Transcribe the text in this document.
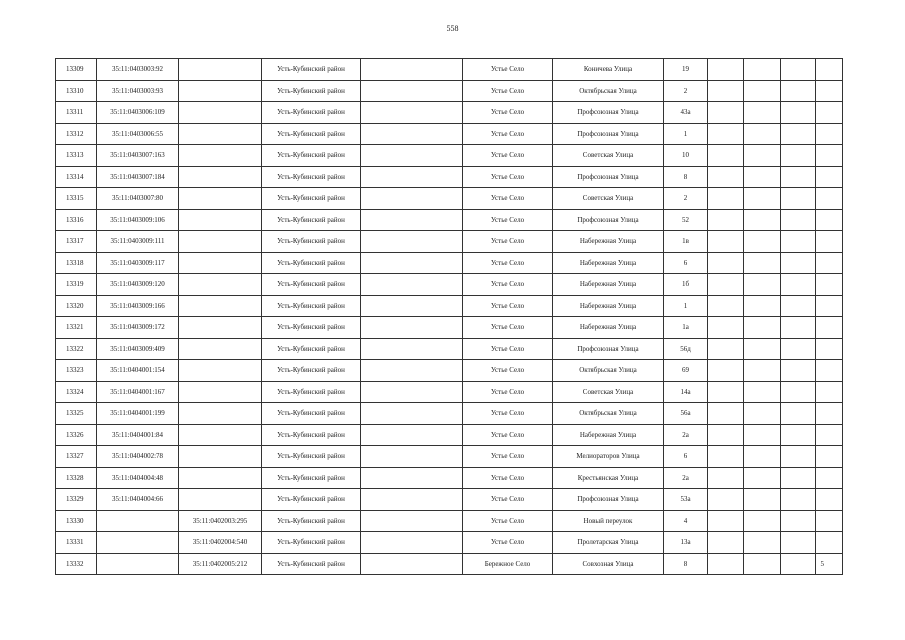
558
13309	35:11:0403003:92		Усть-Кубинский район		Устье Село	Коничева Улица	19				
13310	35:11:0403003:93		Усть-Кубинский район		Устье Село	Октябрьская Улица	2				
13311	35:11:0403006:109		Усть-Кубинский район		Устье Село	Профсоюзная Улица	43а				
13312	35:11:0403006:55		Усть-Кубинский район		Устье Село	Профсоюзная Улица	1				
13313	35:11:0403007:163		Усть-Кубинский район		Устье Село	Советская Улица	10				
13314	35:11:0403007:184		Усть-Кубинский район		Устье Село	Профсоюзная Улица	8				
13315	35:11:0403007:80		Усть-Кубинский район		Устье Село	Советская Улица	2				
13316	35:11:0403009:106		Усть-Кубинский район		Устье Село	Профсоюзная Улица	52				
13317	35:11:0403009:111		Усть-Кубинский район		Устье Село	Набережная Улица	1в				
13318	35:11:0403009:117		Усть-Кубинский район		Устье Село	Набережная Улица	6				
13319	35:11:0403009:120		Усть-Кубинский район		Устье Село	Набережная Улица	1б				
13320	35:11:0403009:166		Усть-Кубинский район		Устье Село	Набережная Улица	1				
13321	35:11:0403009:172		Усть-Кубинский район		Устье Село	Набережная Улица	1а				
13322	35:11:0403009:409		Усть-Кубинский район		Устье Село	Профсоюзная Улица	56д				
13323	35:11:0404001:154		Усть-Кубинский район		Устье Село	Октябрьская Улица	69				
13324	35:11:0404001:167		Усть-Кубинский район		Устье Село	Советская Улица	14а				
13325	35:11:0404001:199		Усть-Кубинский район		Устье Село	Октябрьская Улица	56а				
13326	35:11:0404001:84		Усть-Кубинский район		Устье Село	Набережная Улица	2а				
13327	35:11:0404002:78		Усть-Кубинский район		Устье Село	Мелиораторов Улица	6				
13328	35:11:0404004:48		Усть-Кубинский район		Устье Село	Крестьянская Улица	2а				
13329	35:11:0404004:66		Усть-Кубинский район		Устье Село	Профсоюзная Улица	53а				
13330		35:11:0402003:295	Усть-Кубинский район		Устье Село	Новый переулок	4				
13331		35:11:0402004:540	Усть-Кубинский район		Устье Село	Пролетарская Улица	13а				
13332		35:11:0402005:212	Усть-Кубинский район		Бережное Село	Совхозная Улица	8				5
